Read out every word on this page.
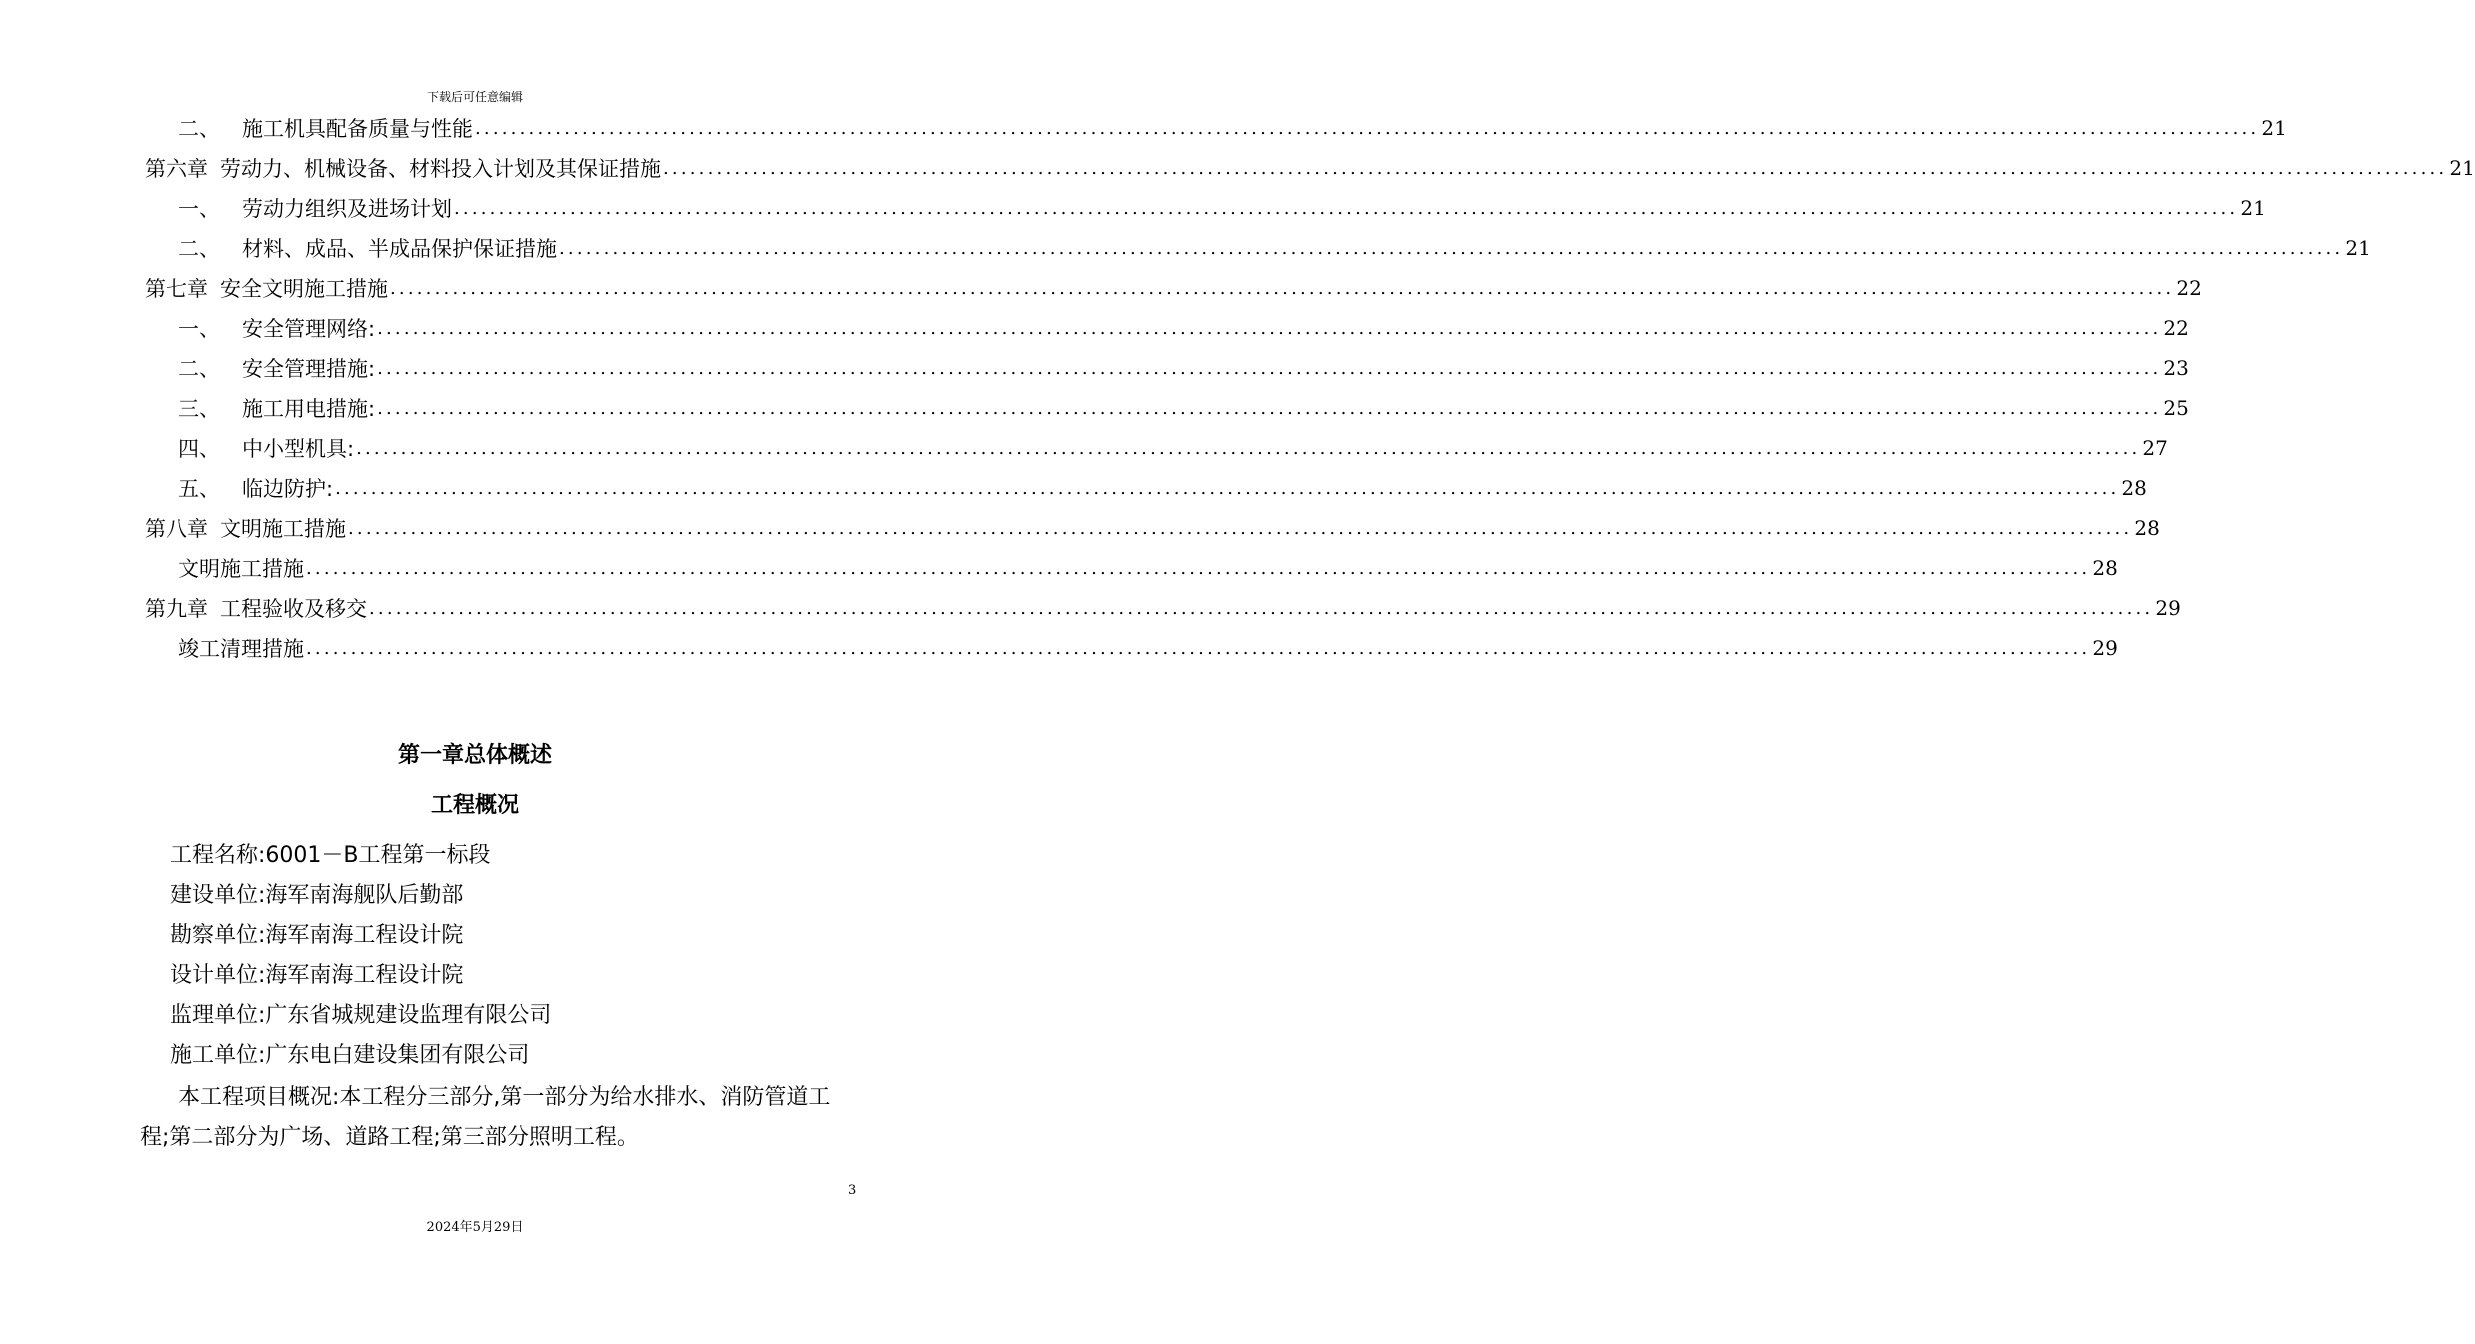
下载后可任意编辑
二、 施工机具配备质量与性能 ........................................................................................................................................................................................................ 21
第六章 劳动力、机械设备、材料投入计划及其保证措施 ........................................................................................................................................................................................................ 21
一、 劳动力组织及进场计划 ........................................................................................................................................................................................................ 21
二、 材料、成品、半成品保护保证措施 ........................................................................................................................................................................................................ 21
第七章 安全文明施工措施 ........................................................................................................................................................................................................ 22
一、 安全管理网络: ........................................................................................................................................................................................................ 22
二、 安全管理措施: ........................................................................................................................................................................................................ 23
三、 施工用电措施: ........................................................................................................................................................................................................ 25
四、 中小型机具: ........................................................................................................................................................................................................ 27
五、 临边防护: ........................................................................................................................................................................................................ 28
第八章 文明施工措施 ........................................................................................................................................................................................................ 28
文明施工措施 ........................................................................................................................................................................................................ 28
第九章 工程验收及移交 ........................................................................................................................................................................................................ 29
竣工清理措施 ........................................................................................................................................................................................................ 29
第一章总体概述
工程概况
工程名称:6001－B工程第一标段
建设单位:海军南海舰队后勤部
勘察单位:海军南海工程设计院
设计单位:海军南海工程设计院
监理单位:广东省城规建设监理有限公司
施工单位:广东电白建设集团有限公司
本工程项目概况:本工程分三部分,第一部分为给水排水、消防管道工程;第二部分为广场、道路工程;第三部分照明工程。
3
2024年5月29日
